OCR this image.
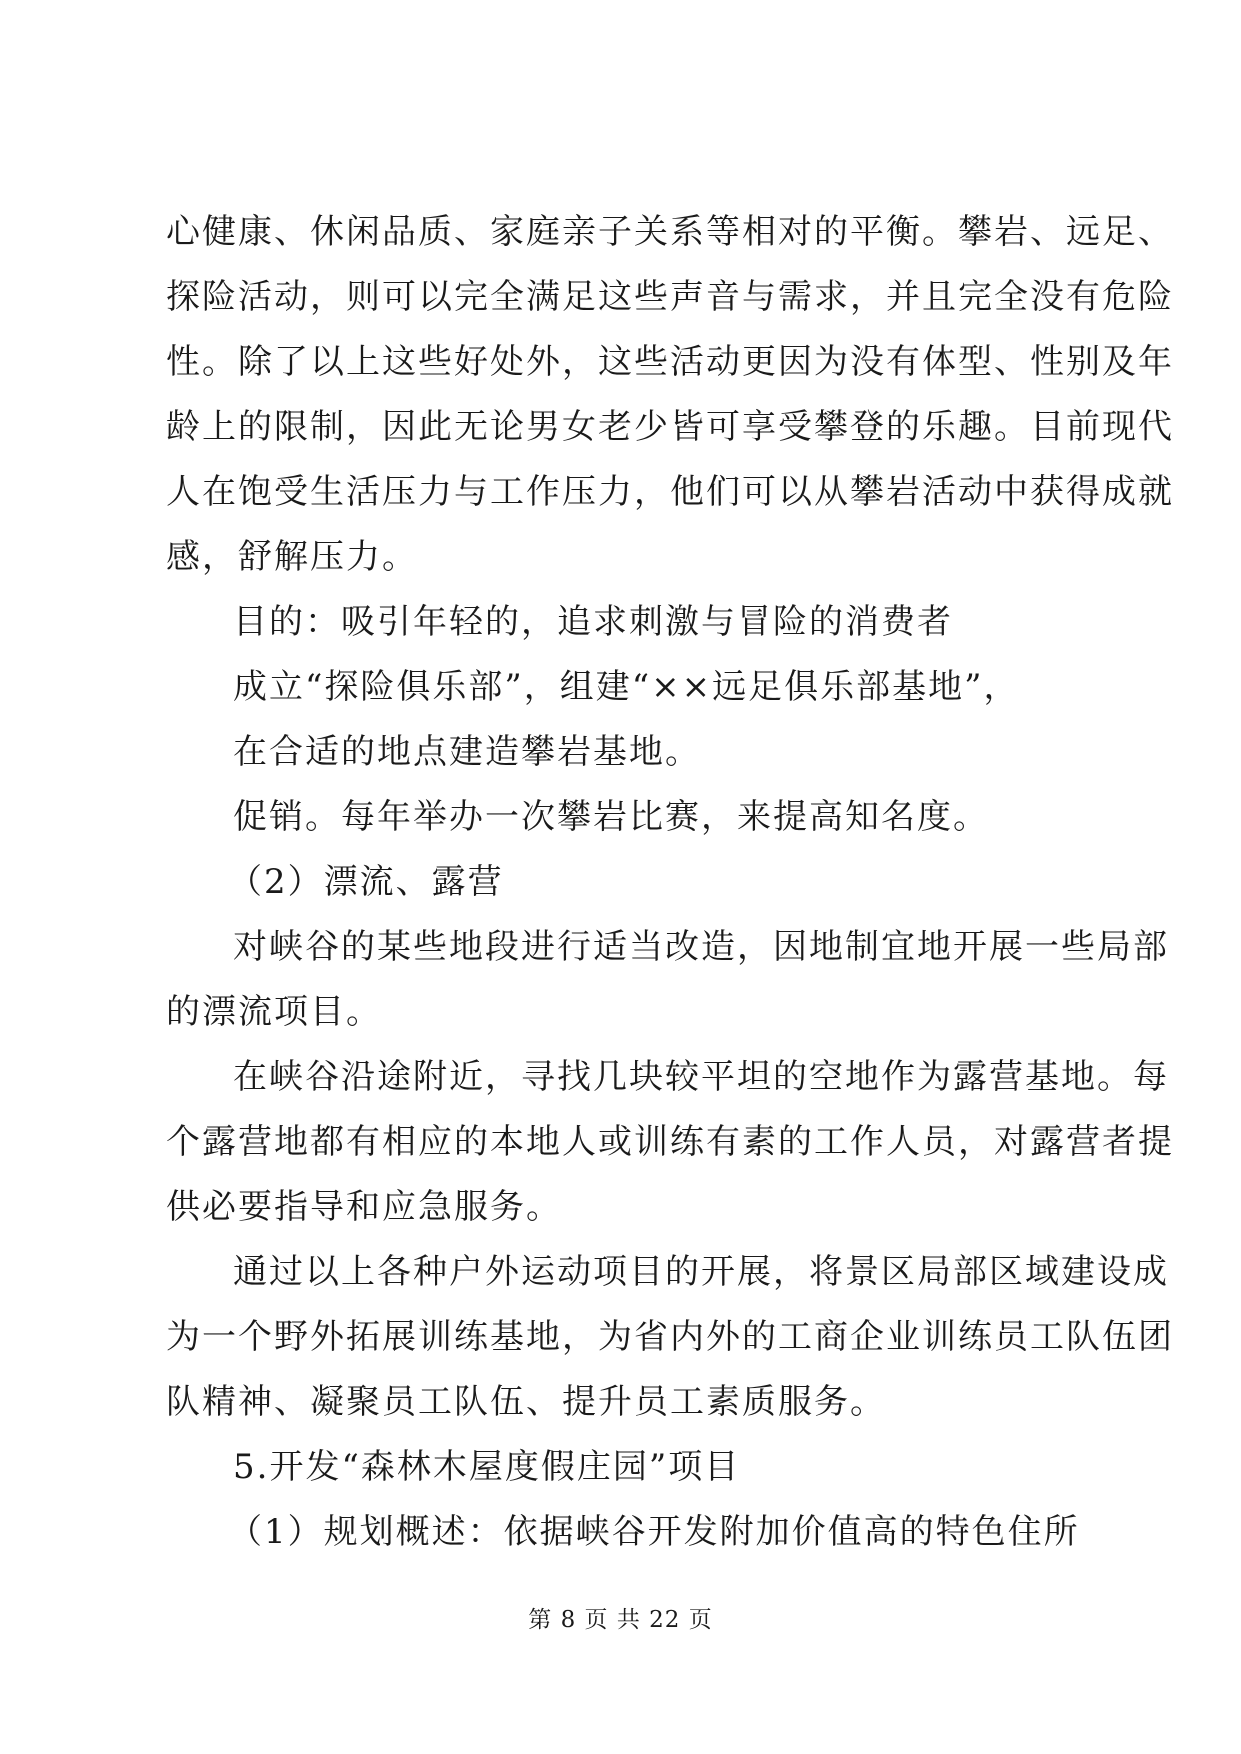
心健康、休闲品质、家庭亲子关系等相对的平衡。攀岩、远足、
探险活动，则可以完全满足这些声音与需求，并且完全没有危险
性。除了以上这些好处外，这些活动更因为没有体型、性别及年
龄上的限制，因此无论男女老少皆可享受攀登的乐趣。目前现代
人在饱受生活压力与工作压力，他们可以从攀岩活动中获得成就
感，舒解压力。
目的：吸引年轻的，追求刺激与冒险的消费者
成立“探险俱乐部”，组建“××远足俱乐部基地”，
在合适的地点建造攀岩基地。
促销。每年举办一次攀岩比赛，来提高知名度。
（2）漂流、露营
对峡谷的某些地段进行适当改造，因地制宜地开展一些局部
的漂流项目。
在峡谷沿途附近，寻找几块较平坦的空地作为露营基地。每
个露营地都有相应的本地人或训练有素的工作人员，对露营者提
供必要指导和应急服务。
通过以上各种户外运动项目的开展，将景区局部区域建设成
为一个野外拓展训练基地，为省内外的工商企业训练员工队伍团
队精神、凝聚员工队伍、提升员工素质服务。
5.开发“森林木屋度假庄园”项目
（1）规划概述：依据峡谷开发附加价值高的特色住所
第 8 页 共 22 页
